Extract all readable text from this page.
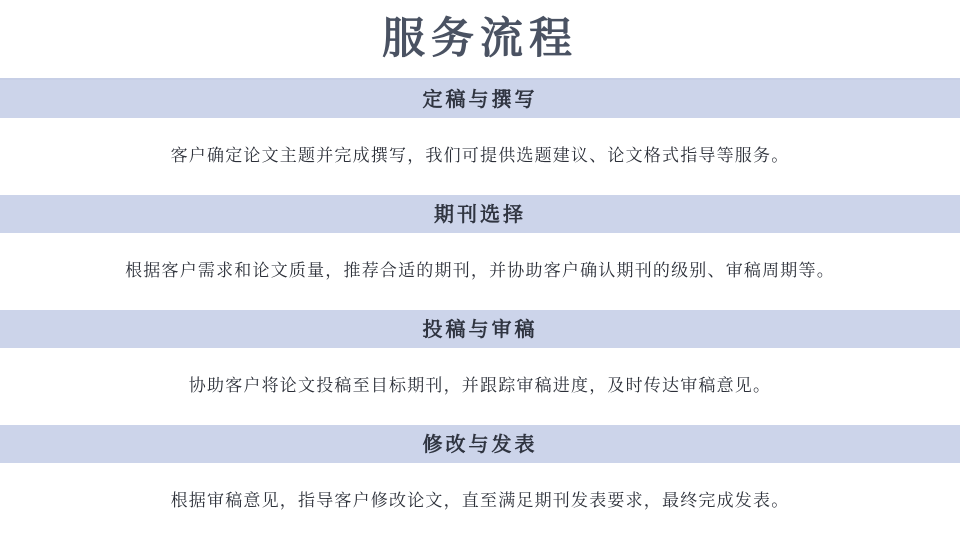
服务流程
定稿与撰写

客户确定论文主题并完成撰写，我们可提供选题建议、论文格式指导等服务。

期刊选择

根据客户需求和论文质量，推荐合适的期刊，并协助客户确认期刊的级别、审稿周期等。

投稿与审稿

协助客户将论文投稿至目标期刊，并跟踪审稿进度，及时传达审稿意见。

修改与发表

根据审稿意见，指导客户修改论文，直至满足期刊发表要求，最终完成发表。
